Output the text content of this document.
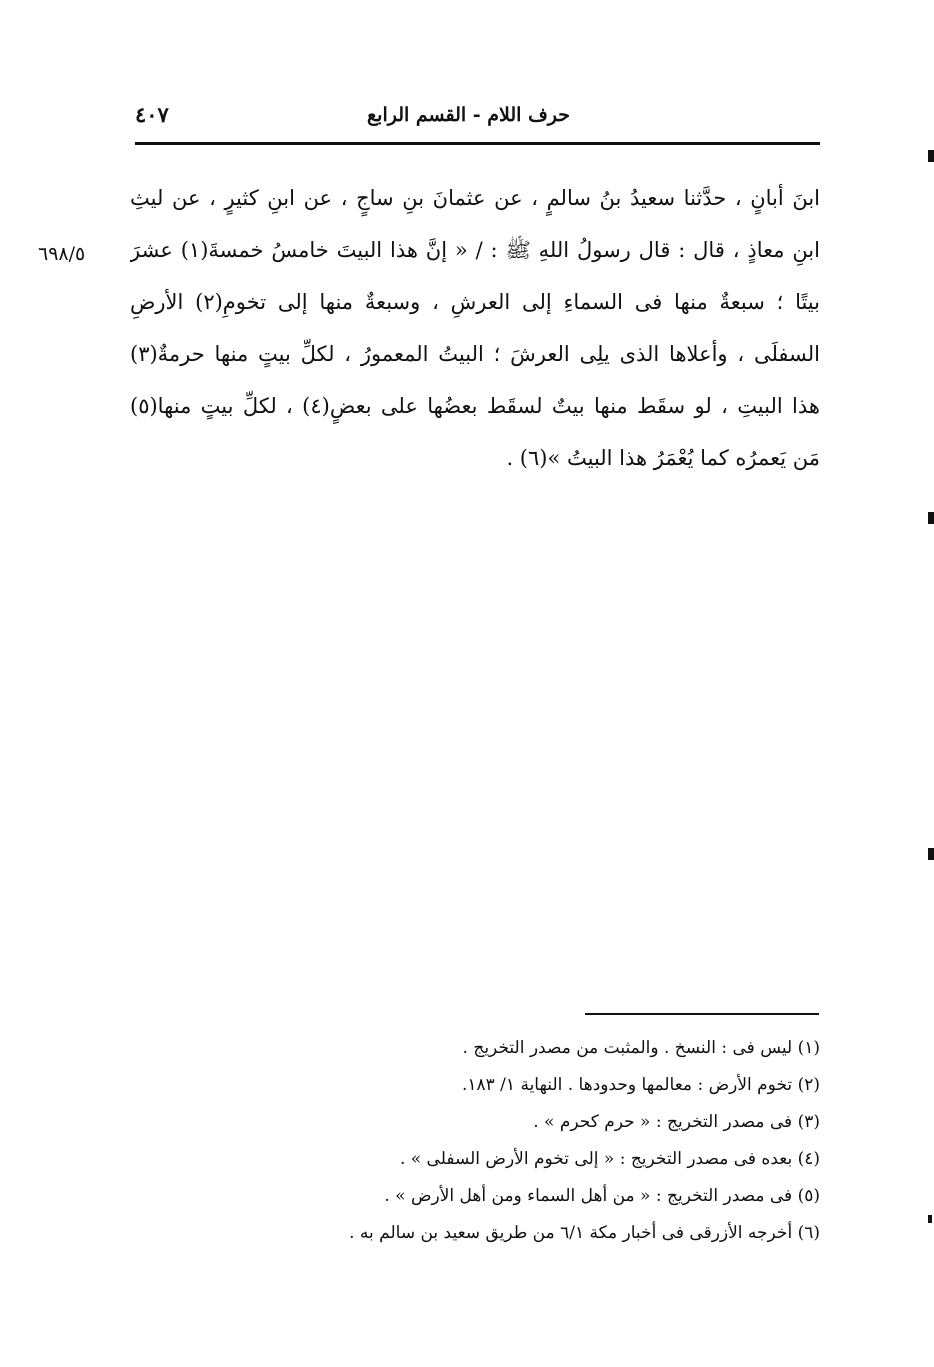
حرف اللام - القسم الرابع
٤٠٧
٦٩٨/٥
ابنَ أبانٍ ، حدَّثنا سعيدُ بنُ سالمٍ ، عن عثمانَ بنِ ساجٍ ، عن ابنِ كثيرٍ ، عن ليثِ
ابنِ معاذٍ ، قال : قال رسولُ اللهِ ﷺ : / « إنَّ هذا البيتَ خامسُ خمسةَ(١) عشرَ
بيتًا ؛ سبعةٌ منها فى السماءِ إلى العرشِ ، وسبعةٌ منها إلى تخومِ(٢) الأرضِ
السفلَى ، وأعلاها الذى يلِى العرشَ ؛ البيتُ المعمورُ ، لكلِّ بيتٍ منها حرمةٌ(٣)
هذا البيتِ ، لو سقَط منها بيتٌ لسقَط بعضُها على بعضٍ(٤) ، لكلِّ بيتٍ منها(٥)
مَن يَعمرُه كما يُعْمَرُ هذا البيتُ »(٦) .
(١) ليس فى : النسخ . والمثبت من مصدر التخريج .
(٢) تخوم الأرض : معالمها وحدودها . النهاية ١/ ١٨٣.
(٣) فى مصدر التخريج : « حرم كحرم » .
(٤) بعده فى مصدر التخريج : « إلى تخوم الأرض السفلى » .
(٥) فى مصدر التخريج : « من أهل السماء ومن أهل الأرض » .
(٦) أخرجه الأزرقى فى أخبار مكة ٦/١ من طريق سعيد بن سالم به .
